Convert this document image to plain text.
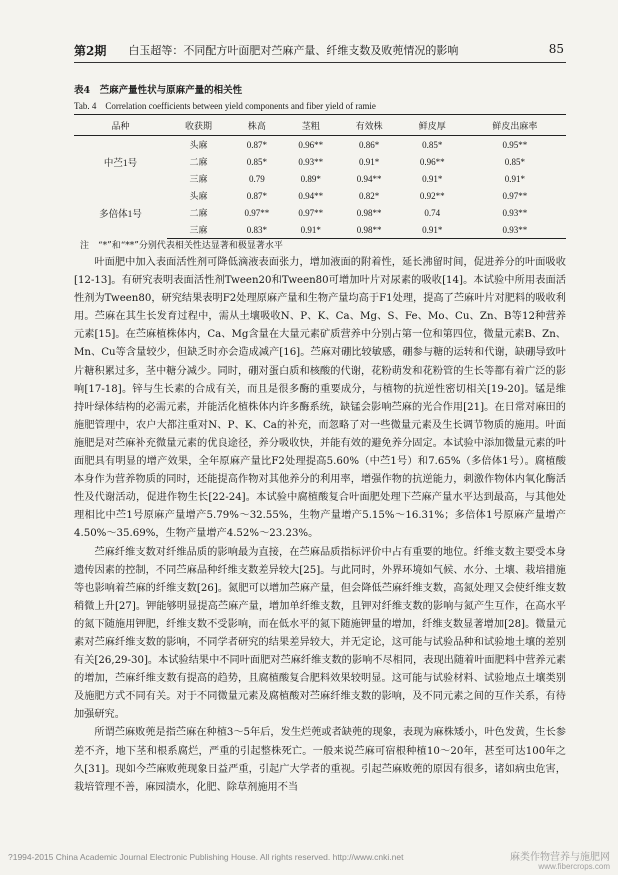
第2期 白玉超等：不同配方叶面肥对苎麻产量、纤维支数及败蔸情况的影响	85
表4　苎麻产量性状与原麻产量的相关性
Tab. 4　Correlation coefficients between yield components and fiber yield of ramie
品种	收获期	株高	茎粗	有效株	鲜皮厚	鲜皮出麻率
中苎1号	头麻	0.87*	0.96**	0.86*	0.85*	0.95**
	二麻	0.85*	0.93**	0.91*	0.96**	0.85*
	三麻	0.79	0.89*	0.94**	0.91*	0.91*
多倍体1号	头麻	0.87*	0.94**	0.82*	0.92**	0.97**
	二麻	0.97**	0.97**	0.98**	0.74	0.93**
	三麻	0.83*	0.91*	0.98**	0.91*	0.93**
注　“*”和“**”分别代表相关性达显著和极显著水平

叶面肥中加入表面活性剂可降低滴液表面张力，增加液面的附着性，延长沸留时间，促进养分的叶面吸收[12-13]。有研究表明表面活性剂Tween20和Tween80可增加叶片对尿素的吸收[14]。本试验中所用表面活性剂为Tween80，研究结果表明F2处理原麻产量和生物产量均高于F1处理，提高了苎麻叶片对肥料的吸收利用。苎麻在其生长发育过程中，需从土壤吸收N、P、K、Ca、Mg、S、Fe、Mo、Cu、Zn、B等12种营养元素[15]。在苎麻植株体内，Ca、Mg含量在大量元素矿质营养中分别占第一位和第四位，微量元素B、Zn、Mn、Cu等含量较少，但缺乏时亦会造成减产[16]。苎麻对硼比较敏感，硼参与糖的运转和代谢，缺硼导致叶片糖积累过多，茎中糖分减少。同时，硼对蛋白质和核酸的代谢，花粉萌发和花粉管的生长等都有着广泛的影响[17-18]。锌与生长素的合成有关，而且是很多酶的重要成分，与植物的抗逆性密切相关[19-20]。锰是维持叶绿体结构的必需元素，并能活化植株体内许多酶系统，缺锰会影响苎麻的光合作用[21]。在日常对麻田的施肥管理中，农户大都注重对N、P、K、Ca的补充，而忽略了对一些微量元素及生长调节物质的施用。叶面施肥是对苎麻补充微量元素的优良途径，养分吸收快，并能有效的避免养分固定。本试验中添加微量元素的叶面肥具有明显的增产效果，全年原麻产量比F2处理提高5.60%（中苎1号）和7.65%（多倍体1号）。腐植酸本身作为营养物质的同时，还能提高作物对其他养分的利用率，增强作物的抗逆能力，刺激作物体内氧化酶活性及代谢活动，促进作物生长[22-24]。本试验中腐植酸复合叶面肥处理下苎麻产量水平达到最高，与其他处理相比中苎1号原麻产量增产5.79%～32.55%，生物产量增产5.15%～16.31%；多倍体1号原麻产量增产4.50%～35.69%，生物产量增产4.52%～23.23%。

苎麻纤维支数对纤维品质的影响最为直接，在苎麻品质指标评价中占有重要的地位。纤维支数主要受本身遗传因素的控制，不同苎麻品种纤维支数差异较大[25]。与此同时，外界环境如气候、水分、土壤、栽培措施等也影响着苎麻的纤维支数[26]。氮肥可以增加苎麻产量，但会降低苎麻纤维支数，高氮处理又会使纤维支数稍微上升[27]。钾能够明显提高苎麻产量，增加单纤维支数，且钾对纤维支数的影响与氮产生互作，在高水平的氮下随施用钾肥，纤维支数不受影响，而在低水平的氮下随施钾量的增加，纤维支数显著增加[28]。微量元素对苎麻纤维支数的影响，不同学者研究的结果差异较大，并无定论，这可能与试验品种和试验地土壤的差别有关[26,29-30]。本试验结果中不同叶面肥对苎麻纤维支数的影响不尽相同，表现出随着叶面肥料中营养元素的增加，苎麻纤维支数有提高的趋势，且腐植酸复合肥料效果较明显。这可能与试验材料、试验地点土壤类别及施肥方式不同有关。对于不同微量元素及腐植酸对苎麻纤维支数的影响，及不同元素之间的互作关系，有待加强研究。

所谓苎麻败蔸是指苎麻在种植3～5年后，发生烂蔸或者缺蔸的现象，表现为麻株矮小，叶色发黄，生长参差不齐，地下茎和根系腐烂，严重的引起整株死亡。一般来说苎麻可宿根种植10～20年，甚至可达100年之久[31]。现如今苎麻败蔸现象日益严重，引起广大学者的重视。引起苎麻败蔸的原因有很多，诸如病虫危害，栽培管理不善，麻园渍水，化肥、除草剂施用不当

?1994-2015 China Academic Journal Electronic Publishing House. All rights reserved. http://www.cnki.net	麻类作物营养与施肥网
www.fibercrops.com
